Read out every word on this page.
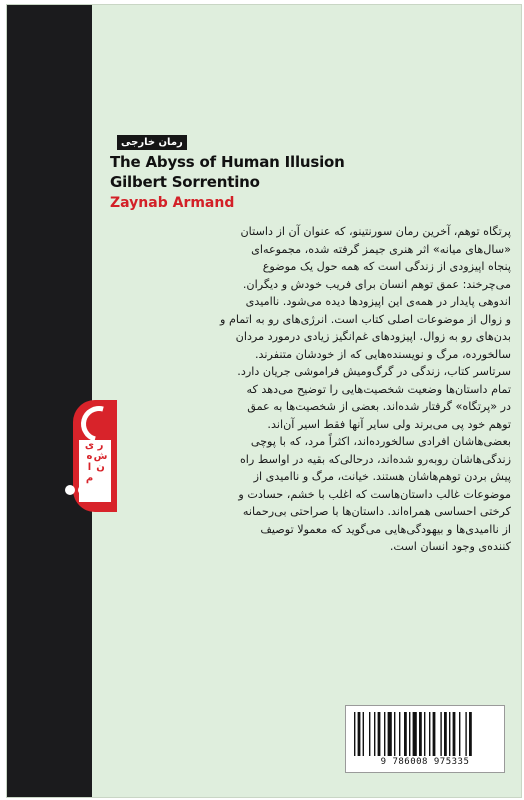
نشر ماهی
رمان خارجی
The Abyss of Human Illusion
Gilbert Sorrentino
Zaynab Armand

پرتگاه توهم، آخرین رمان سورنتینو، که عنوان آن از داستان

«سال‌های میانه» اثر هنری جیمز گرفته شده، مجموعه‌ای

پنجاه اپیزودی از زندگی است که همه حول یک موضوع

می‌چرخند: عمق توهم انسان برای فریب خودش و دیگران.

اندوهی پایدار در همه‌ی این اپیزودها دیده می‌شود. ناامیدی

و زوال از موضوعات اصلی کتاب است. انرژی‌های رو به اتمام و

بدن‌های رو به زوال. اپیزودهای غم‌انگیز زیادی درمورد مردان

سالخورده، مرگ و نویسنده‌هایی که از خودشان متنفرند.

سرتاسر کتاب، زندگی در گرگ‌ومیش فراموشی جریان دارد.

تمام داستان‌ها وضعیت شخصیت‌هایی را توضیح می‌دهد که

در «پرتگاه» گرفتار شده‌اند. بعضی از شخصیت‌ها به عمق

توهم خود پی می‌برند ولی سایر آنها فقط اسیر آن‌اند.

بعضی‌هاشان افرادی سالخورده‌اند، اکثراً مرد، که با پوچی

زندگی‌هاشان روبه‌رو شده‌اند، درحالی‌که بقیه در اواسط راه

پیش بردن توهم‌هاشان هستند. خیانت، مرگ و ناامیدی از

موضوعات غالب داستان‌هاست که اغلب با خشم، حسادت و

کرختی احساسی همراه‌اند. داستان‌ها با صراحتی بی‌رحمانه

از ناامیدی‌ها و بیهودگی‌هایی می‌گوید که معمولا توصیف

کننده‌ی وجود انسان است.

9 786008 975335
